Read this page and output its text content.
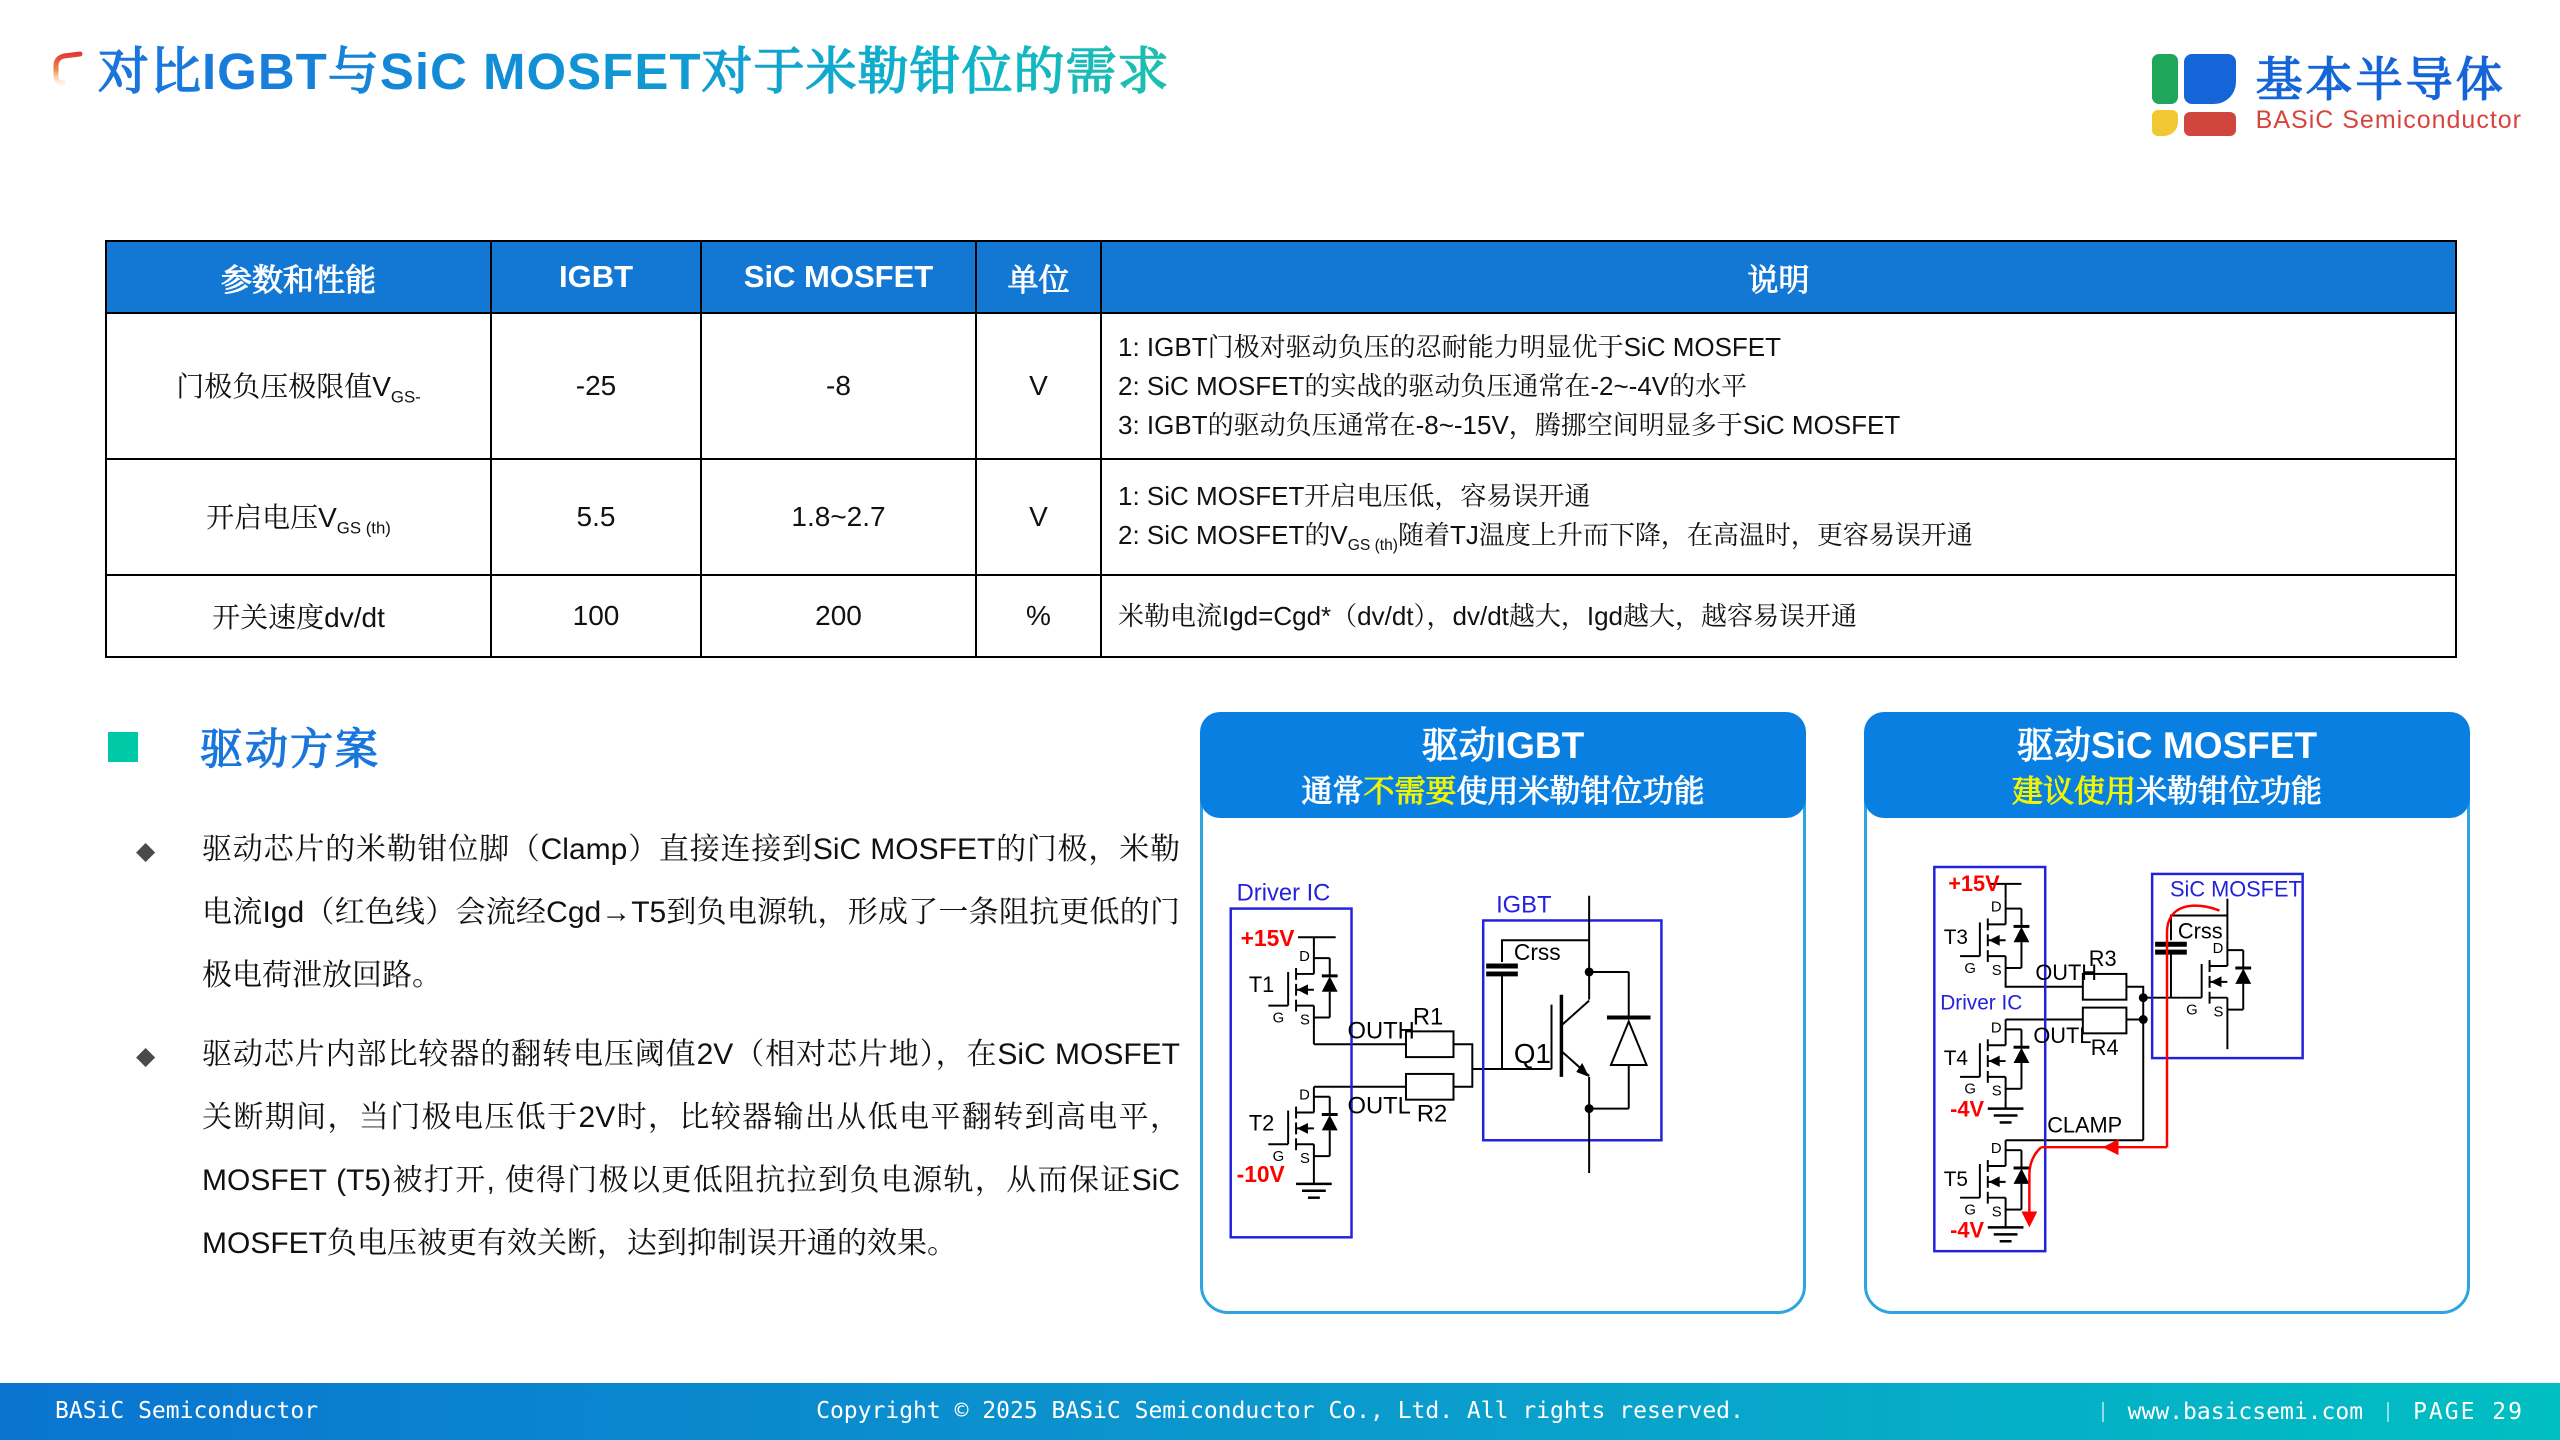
对比IGBT与SiC MOSFET对于米勒钳位的需求	基本半导体
BASiC Semiconductor
参数和性能	IGBT	SiC MOSFET	单位	说明
门极负压极限值$V_{GS-}$	-25	-8	V	1: IGBT门极对驱动负压的忍耐能力明显优于SiC MOSFET
2: SiC MOSFET的实战的驱动负压通常在-2~-4V的水平
3: IGBT的驱动负压通常在-8~-15V，腾挪空间明显多于SiC MOSFET

开启电压$V_{GS (th)}$	5.5	1.8~2.7	V	1: SiC MOSFET开启电压低，容易误开通
2: SiC MOSFET的$V_{GS (th)}$随着TJ温度上升而下降，在高温时，更容易误开通

开关速度dv/dt	100	200	%	米勒电流Igd=Cgd*（dv/dt），dv/dt越大，Igd越大，越容易误开通
驱动方案
◆ 驱动芯片的米勒钳位脚（Clamp）直接连接到SiC MOSFET的门极，米勒电流Igd（红色线）会流经Cgd→T5到负电源轨，形成了一条阻抗更低的门极电荷泄放回路。
◆ 驱动芯片内部比较器的翻转电压阈值2V（相对芯片地），在SiC MOSFET关断期间，当门极电压低于2V时，比较器输出从低电平翻转到高电平，MOSFET (T5)被打开, 使得门极以更低阻抗拉到负电源轨，从而保证SiC MOSFET负电压被更有效关断，达到抑制误开通的效果。
驱动IGBT
通常不需要使用米勒钳位功能
Driver IC
+15V
T1
OUTH
R1
OUTL R2
T2
-10V
IGBT
Crss
Q1
驱动SiC MOSFET
建议使用米勒钳位功能
+15V
T3
Driver IC
OUTH
R3
OUTL R4
T4
-4V
CLAMP
T5
-4V
SiC MOSFET
Crss
BASiC Semiconductor	Copyright © 2025 BASiC Semiconductor Co., Ltd. All rights reserved.	www.basicsemi.com PAGE 29
